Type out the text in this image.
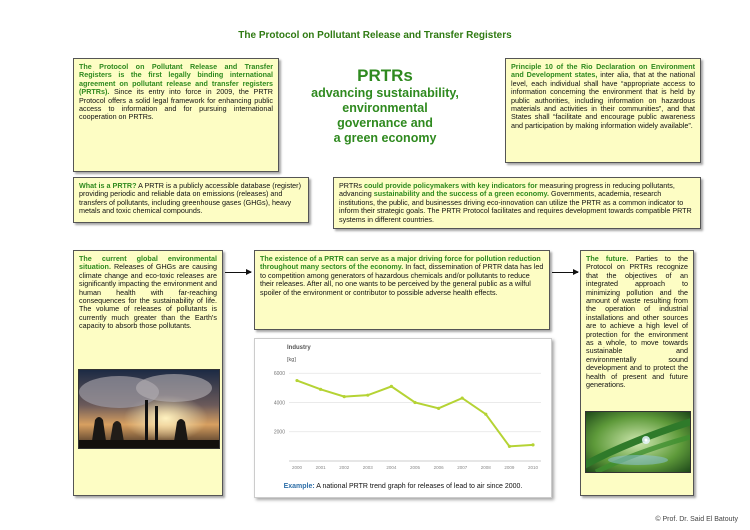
The Protocol on Pollutant Release and Transfer Registers
The Protocol on Pollutant Release and Transfer Registers is the first legally binding international agreement on pollutant release and transfer registers (PRTRs). Since its entry into force in 2009, the PRTR Protocol offers a solid legal framework for enhancing public access to information and for pursuing international cooperation on PRTRs.
PRTRs
advancing sustainability,
environmental
governance and
a green economy
Principle 10 of the Rio Declaration on Environment and Development states, inter alia, that at the national level, each individual shall have “appropriate access to information concerning the environment that is held by public authorities, including information on hazardous materials and activities in their communities”, and that States shall “facilitate and encourage public awareness and participation by making information widely available”.
What is a PRTR? A PRTR is a publicly accessible database (register) providing periodic and reliable data on emissions (releases) and transfers of pollutants, including greenhouse gases (GHGs), heavy metals and toxic chemical compounds.
PRTRs could provide policymakers with key indicators for measuring progress in reducing pollutants, advancing sustainability and the success of a green economy. Governments, academia, research institutions, the public, and businesses driving eco-innovation can utilize the PRTR as a common indicator to inform their strategic goals. The PRTR Protocol facilitates and requires development towards compatible PRTR systems in different countries.
The current global environmental situation. Releases of GHGs are causing climate change and eco-toxic releases are significantly impacting the environment and human health with far-reaching consequences for the sustainability of life. The volume of releases of pollutants is currently much greater than the Earth's capacity to absorb those pollutants.
The existence of a PRTR can serve as a major driving force for pollution reduction throughout many sectors of the economy. In fact, dissemination of PRTR data has led to competition among generators of hazardous chemicals and/or pollutants to reduce their releases. After all, no one wants to be perceived by the general public as a wilful spoiler of the environment or contributor to possible adverse health effects.
The future. Parties to the Protocol on PRTRs recognize that the objectives of an integrated approach to minimizing pollution and the amount of waste resulting from the operation of industrial installations and other sources are to achieve a high level of protection for the environment as a whole, to move towards sustainable and environmentally sound development and to protect the health of present and future generations.
Industry
[kg]
2000
4000
6000
2000	2001	2002	2003	2004	2005	2006	2007	2008	2009	2010
Example: A national PRTR trend graph for releases of lead to air since 2000.
© Prof. Dr. Said El Batouty
